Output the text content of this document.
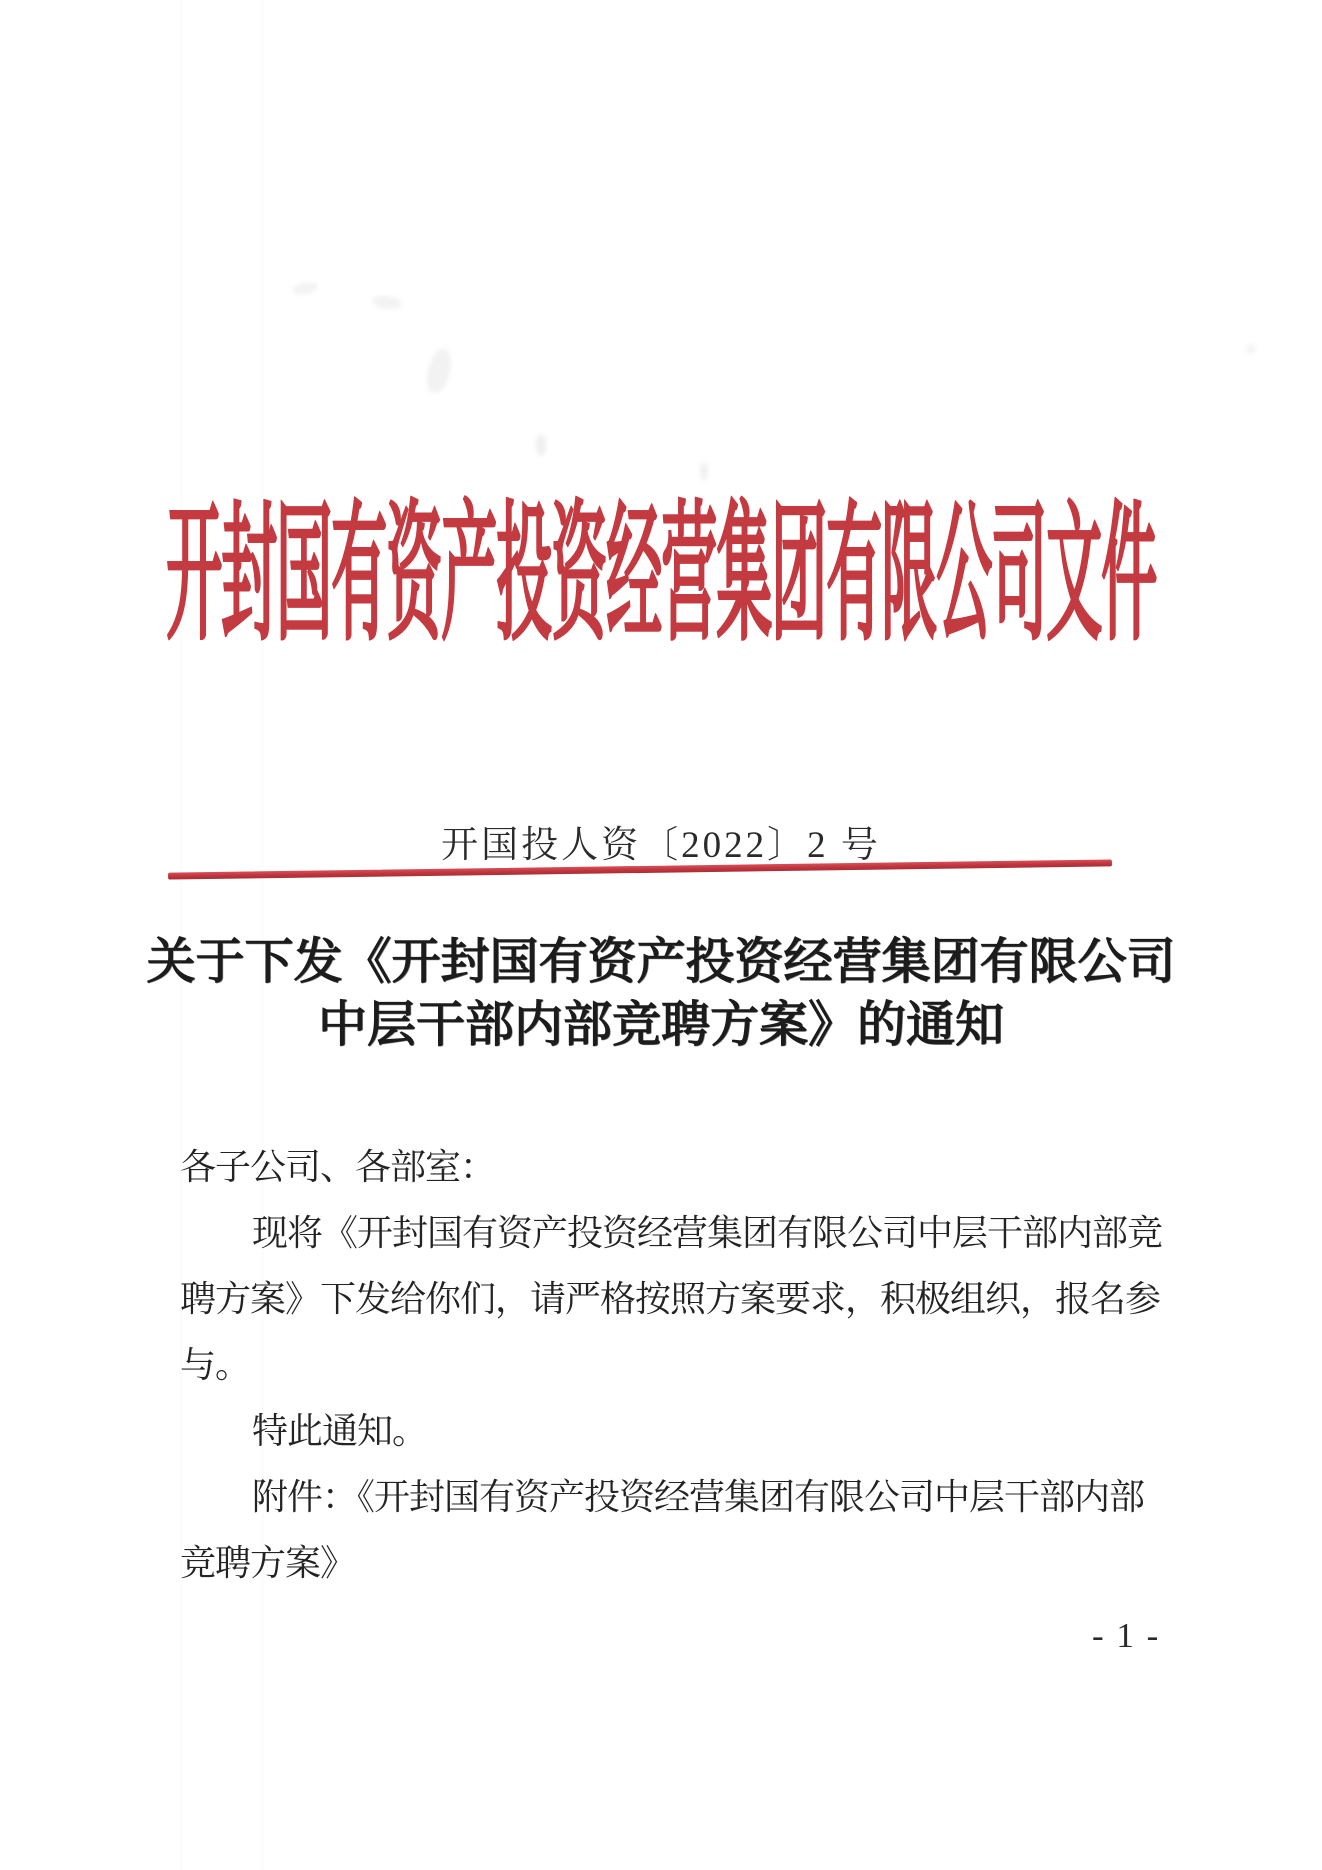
开封国有资产投资经营集团有限公司文件
开国投人资〔2022〕2 号
关于下发《开封国有资产投资经营集团有限公司
中层干部内部竞聘方案》的通知
各子公司、各部室：
现将《开封国有资产投资经营集团有限公司中层干部内部竞
聘方案》下发给你们，请严格按照方案要求，积极组织，报名参
与。
特此通知。
附件：《开封国有资产投资经营集团有限公司中层干部内部
竞聘方案》
- 1 -
